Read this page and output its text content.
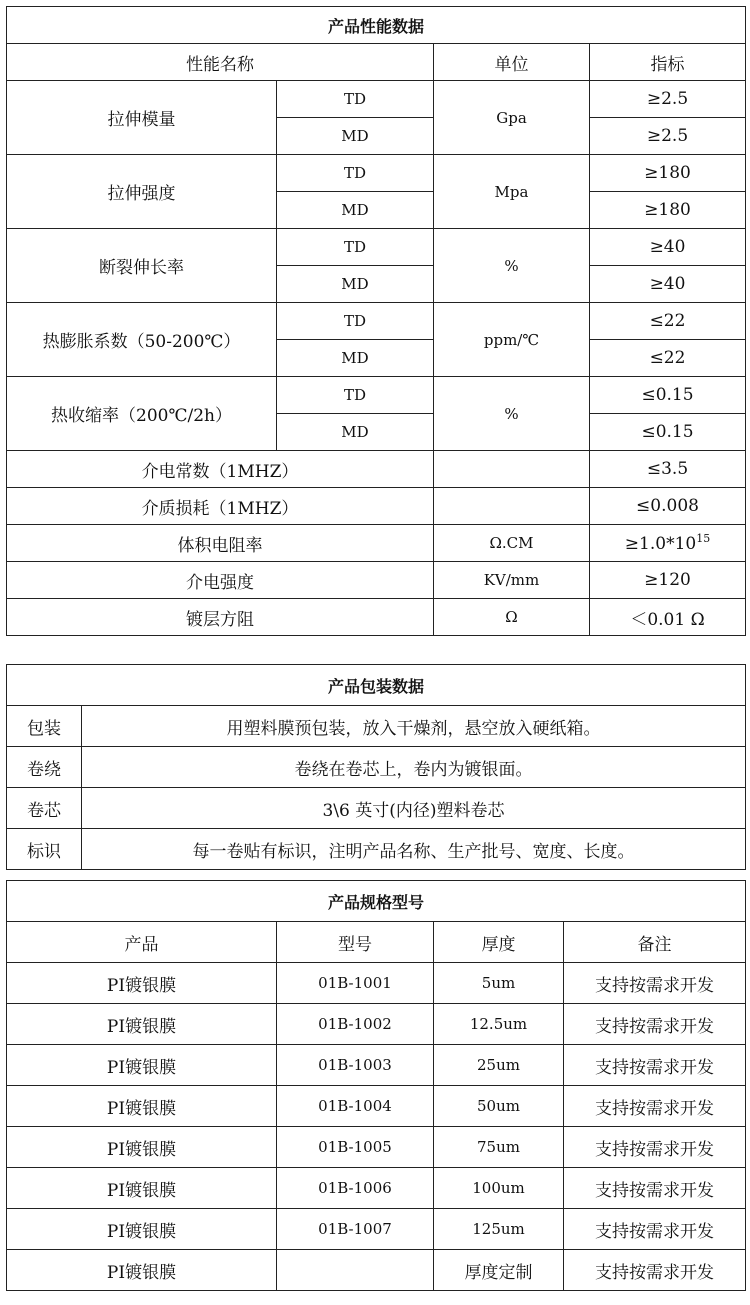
产品性能数据			
性能名称		单位	指标
拉伸模量	TD	Gpa	≥2.5
	MD		≥2.5
拉伸强度	TD	Mpa	≥180
	MD		≥180
断裂伸长率	TD	%	≥40
	MD		≥40
热膨胀系数（50-200℃）	TD	ppm/℃	≤22
	MD		≤22
热收缩率（200℃/2h）	TD	%	≤0.15
	MD		≤0.15
介电常数（1MHZ）			≤3.5
介质损耗（1MHZ）			≤0.008
体积电阻率		Ω.CM	$\ge 1.0*10^{15}$
介电强度		KV/mm	≥120
镀层方阻		Ω	＜0.01 Ω
产品包装数据	
包装	用塑料膜预包装，放入干燥剂，悬空放入硬纸箱。
卷绕	卷绕在卷芯上，卷内为镀银面。
卷芯	3\6 英寸(内径)塑料卷芯
标识	每一卷贴有标识，注明产品名称、生产批号、宽度、长度。
产品规格型号			
产品	型号	厚度	备注
PI镀银膜	01B-1001	5um	支持按需求开发
PI镀银膜	01B-1002	12.5um	支持按需求开发
PI镀银膜	01B-1003	25um	支持按需求开发
PI镀银膜	01B-1004	50um	支持按需求开发
PI镀银膜	01B-1005	75um	支持按需求开发
PI镀银膜	01B-1006	100um	支持按需求开发
PI镀银膜	01B-1007	125um	支持按需求开发
PI镀银膜		厚度定制	支持按需求开发
